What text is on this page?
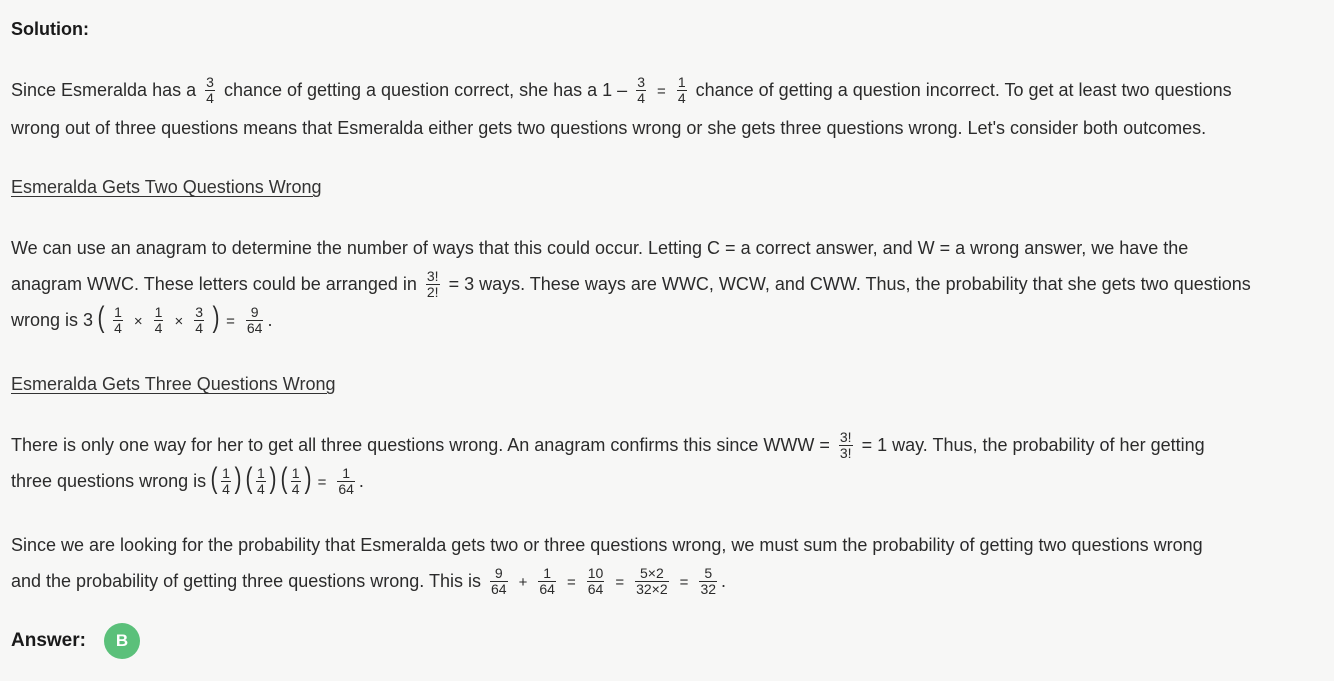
Solution:
Since Esmeralda has a $\frac{3}{4}$ chance of getting a question correct, she has a $1 - \frac{3}{4} = \frac{1}{4}$ chance of getting a question incorrect. To get at least two questions
wrong out of three questions means that Esmeralda either gets two questions wrong or she gets three questions wrong. Let's consider both outcomes.
Esmeralda Gets Two Questions Wrong
We can use an anagram to determine the number of ways that this could occur. Letting C = a correct answer, and W = a wrong answer, we have the
anagram WWC. These letters could be arranged in $\frac{3!}{2!} = 3$ ways. These ways are WWC, WCW, and CWW. Thus, the probability that she gets two questions
wrong is 3 ( $\frac{1}{4} \times \frac{1}{4} \times \frac{3}{4}$ ) = $\frac{9}{64}$ .
Esmeralda Gets Three Questions Wrong
There is only one way for her to get all three questions wrong. An anagram confirms this since WWW = $\frac{3!}{3!} = 1$ way. Thus, the probability of her getting
three questions wrong is ( $\frac{1}{4}$ ) ( $\frac{1}{4}$ ) ( $\frac{1}{4}$ ) = $\frac{1}{64}$ .
Since we are looking for the probability that Esmeralda gets two or three questions wrong, we must sum the probability of getting two questions wrong
and the probability of getting three questions wrong. This is $\frac{9}{64} + \frac{1}{64} = \frac{10}{64} = \frac{5\times 2}{32\times 2} = \frac{5}{32}$ .
Answer:	B
